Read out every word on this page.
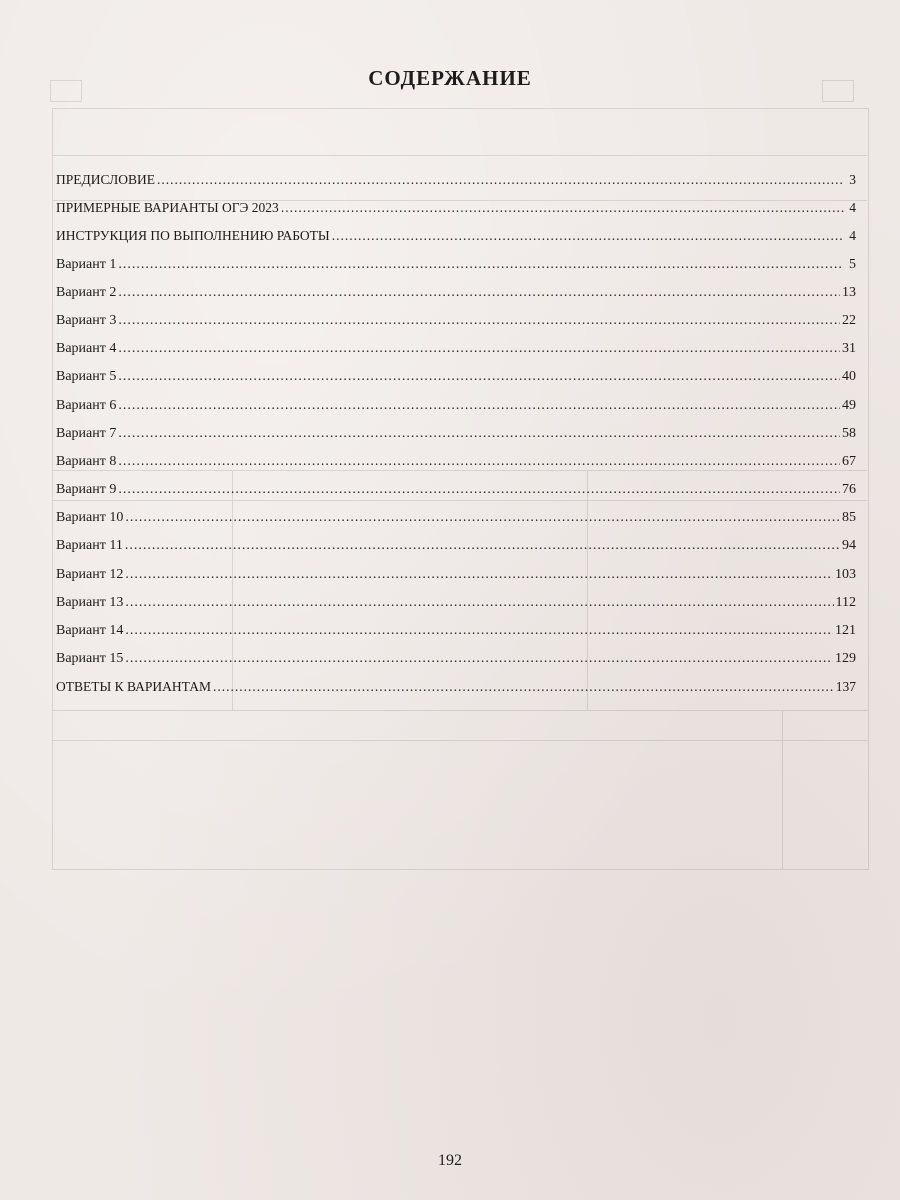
СОДЕРЖАНИЕ
ПРЕДИСЛОВИЕ .....	3
ПРИМЕРНЫЕ ВАРИАНТЫ ОГЭ 2023 .....	4
ИНСТРУКЦИЯ ПО ВЫПОЛНЕНИЮ РАБОТЫ .....	4
Вариант 1 .....	5
Вариант 2 .....	13
Вариант 3 .....	22
Вариант 4 .....	31
Вариант 5 .....	40
Вариант 6 .....	49
Вариант 7 .....	58
Вариант 8 .....	67
Вариант 9 .....	76
Вариант 10 .....	85
Вариант 11 .....	94
Вариант 12 .....	103
Вариант 13 .....	112
Вариант 14 .....	121
Вариант 15 .....	129
ОТВЕТЫ К ВАРИАНТАМ .....	137
192
